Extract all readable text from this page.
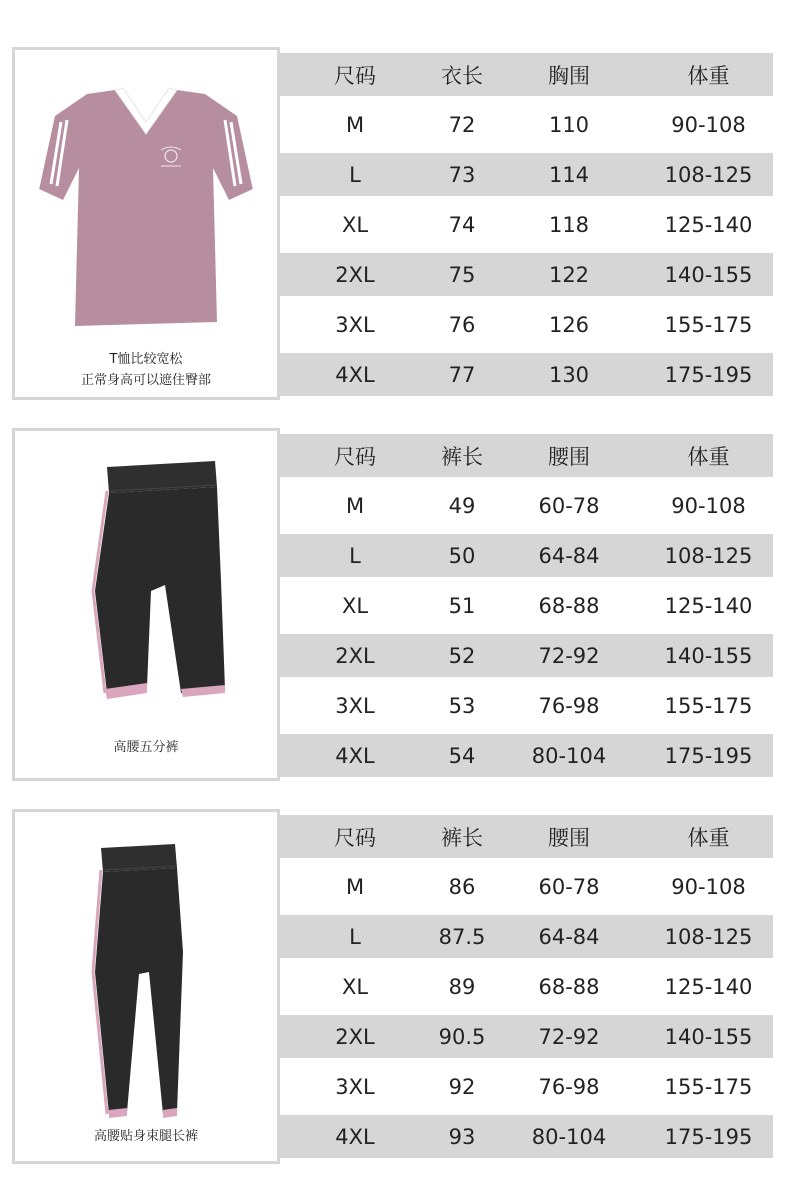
T恤比较宽松
正常身高可以遮住臀部
尺码	衣长	胸围	体重
M	72	110	90-108
L	73	114	108-125
XL	74	118	125-140
2XL	75	122	140-155
3XL	76	126	155-175
4XL	77	130	175-195
高腰五分裤
尺码	裤长	腰围	体重
M	49	60-78	90-108
L	50	64-84	108-125
XL	51	68-88	125-140
2XL	52	72-92	140-155
3XL	53	76-98	155-175
4XL	54	80-104	175-195
高腰贴身束腿长裤
尺码	裤长	腰围	体重
M	86	60-78	90-108
L	87.5	64-84	108-125
XL	89	68-88	125-140
2XL	90.5	72-92	140-155
3XL	92	76-98	155-175
4XL	93	80-104	175-195
